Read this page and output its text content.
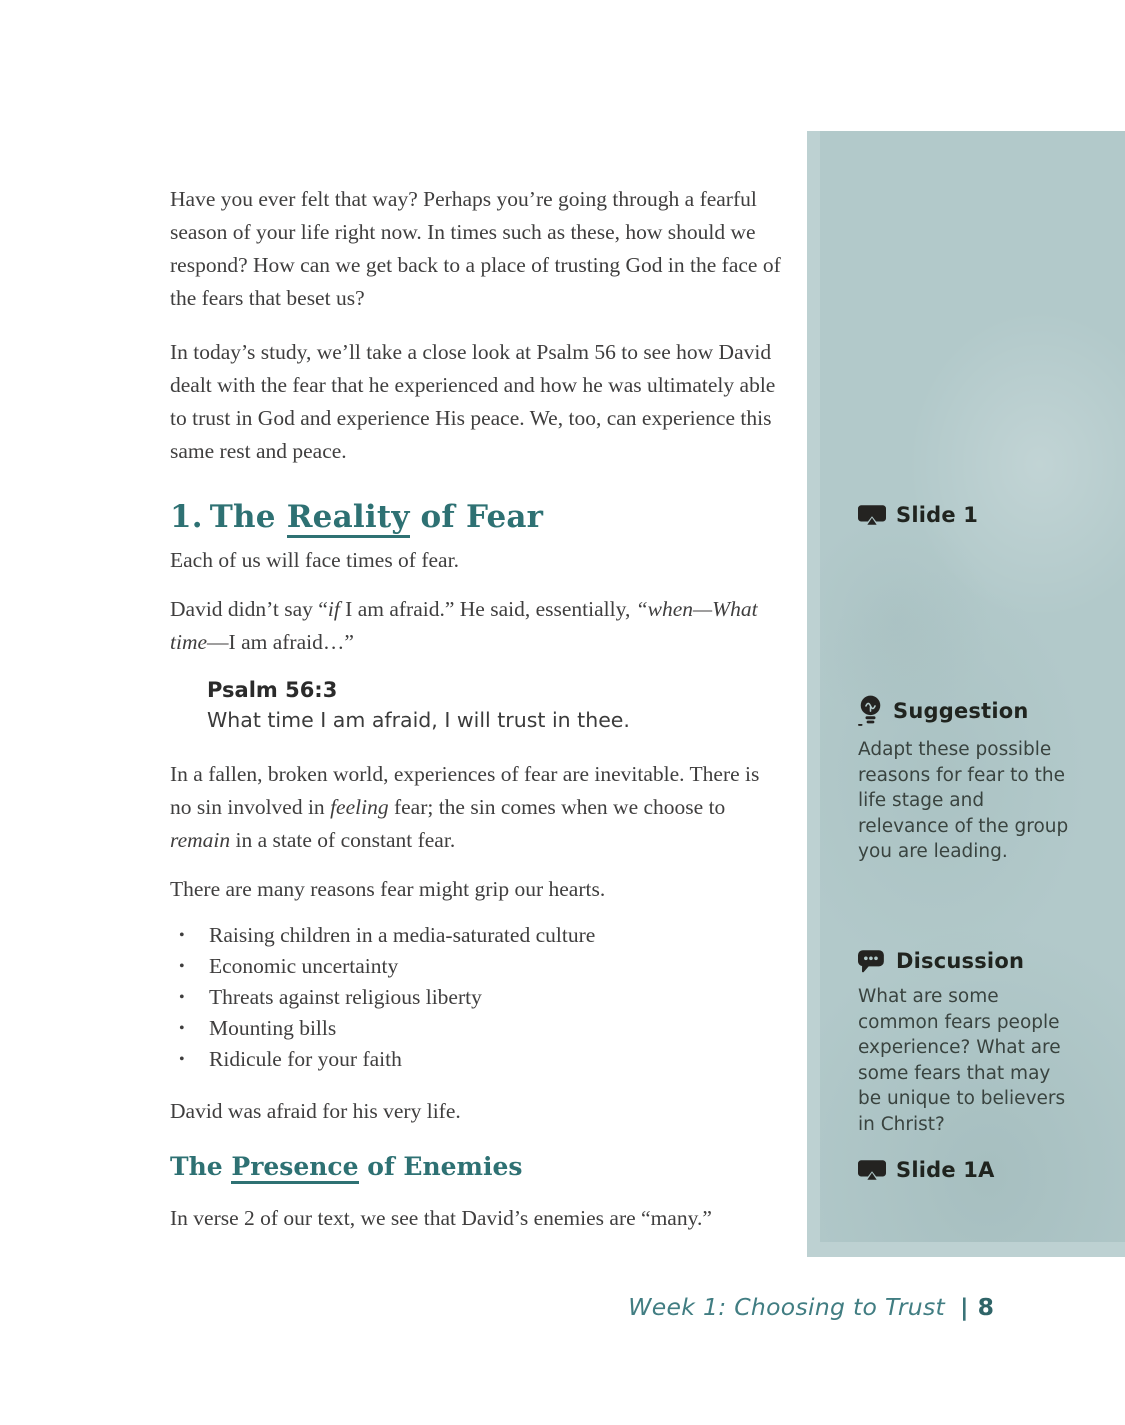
Slide 1
Suggestion
Adapt these possible reasons for fear to the life stage and relevance of the group you are leading.
Discussion
What are some common fears people experience? What are some fears that may be unique to believers in Christ?
Slide 1A

Have you ever felt that way? Perhaps you’re going through a fearful season of your life right now. In times such as these, how should we respond? How can we get back to a place of trusting God in the face of the fears that beset us?

In today’s study, we’ll take a close look at Psalm 56 to see how David dealt with the fear that he experienced and how he was ultimately able to trust in God and experience His peace. We, too, can experience this same rest and peace.

1. The Reality of Fear

Each of us will face times of fear.

David didn’t say “if I am afraid.” He said, essentially, “when—What time—I am afraid…”

Psalm 56:3
What time I am afraid, I will trust in thee.

In a fallen, broken world, experiences of fear are inevitable. There is no sin involved in feeling fear; the sin comes when we choose to remain in a state of constant fear.

There are many reasons fear might grip our hearts.

•	Raising children in a media-saturated culture
•	Economic uncertainty
•	Threats against religious liberty
•	Mounting bills
•	Ridicule for your faith

David was afraid for his very life.

The Presence of Enemies

In verse 2 of our text, we see that David’s enemies are “many.”

Week 1: Choosing to Trust | 8
